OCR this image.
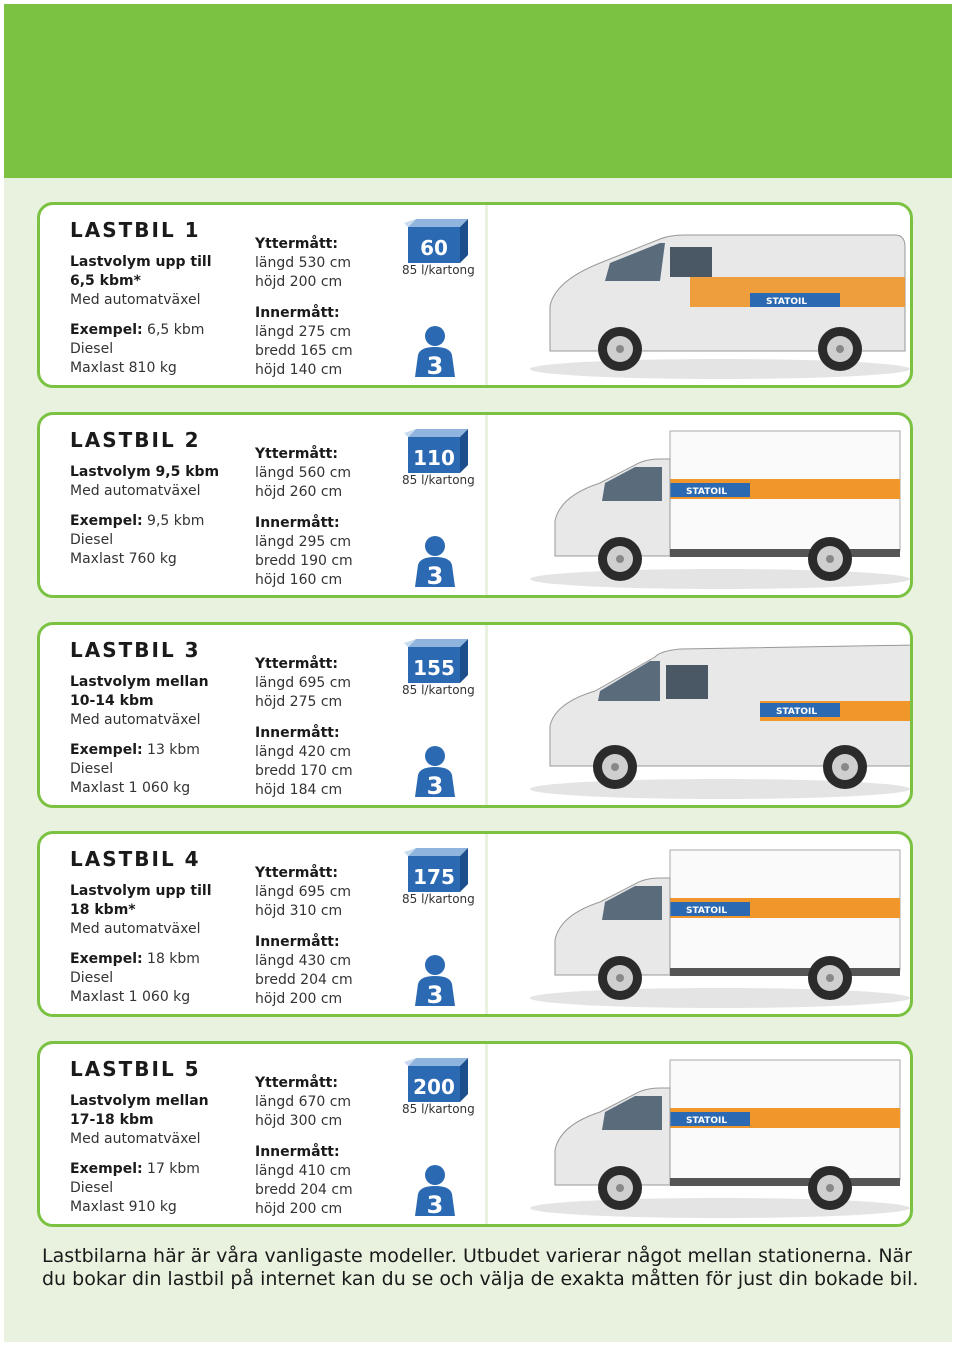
LASTBIL 1
Lastvolym upp till
6,5 kbm*
Med automatväxel
Exempel: 6,5 kbm
Diesel
Maxlast 810 kg
Yttermått:
längd 530 cm
höjd 200 cm
Innermått:
längd 275 cm
bredd 165 cm
höjd 140 cm
60
85 l/kartong
3
STATOIL
LASTBIL 2
Lastvolym 9,5 kbm
Med automatväxel
Exempel: 9,5 kbm
Diesel
Maxlast 760 kg
Yttermått:
längd 560 cm
höjd 260 cm
Innermått:
längd 295 cm
bredd 190 cm
höjd 160 cm
110
85 l/kartong
3
STATOIL
LASTBIL 3
Lastvolym mellan
10-14 kbm
Med automatväxel
Exempel: 13 kbm
Diesel
Maxlast 1 060 kg
Yttermått:
längd 695 cm
höjd 275 cm
Innermått:
längd 420 cm
bredd 170 cm
höjd 184 cm
155
85 l/kartong
3
STATOIL
LASTBIL 4
Lastvolym upp till
18 kbm*
Med automatväxel
Exempel: 18 kbm
Diesel
Maxlast 1 060 kg
Yttermått:
längd 695 cm
höjd 310 cm
Innermått:
längd 430 cm
bredd 204 cm
höjd 200 cm
175
85 l/kartong
3
STATOIL
LASTBIL 5
Lastvolym mellan
17-18 kbm
Med automatväxel
Exempel: 17 kbm
Diesel
Maxlast 910 kg
Yttermått:
längd 670 cm
höjd 300 cm
Innermått:
längd 410 cm
bredd 204 cm
höjd 200 cm
200
85 l/kartong
3
STATOIL
Lastbilarna här är våra vanligaste modeller. Utbudet varierar något mellan stationerna. När du bokar din lastbil på internet kan du se och välja de exakta måtten för just din bokade bil.
